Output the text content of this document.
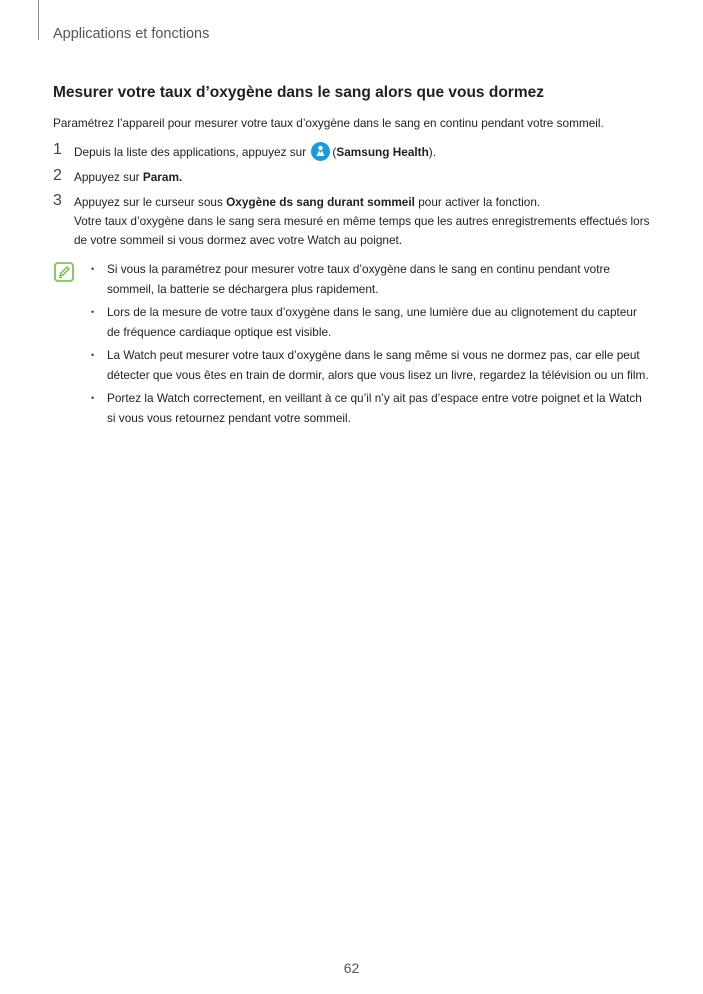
Applications et fonctions
Mesurer votre taux d’oxygène dans le sang alors que vous dormez
Paramétrez l’appareil pour mesurer votre taux d’oxygène dans le sang en continu pendant votre sommeil.
1 Depuis la liste des applications, appuyez sur (Samsung Health).
2 Appuyez sur Param.
3 Appuyez sur le curseur sous Oxygène ds sang durant sommeil pour activer la fonction.
Votre taux d’oxygène dans le sang sera mesuré en même temps que les autres enregistrements effectués lors de votre sommeil si vous dormez avec votre Watch au poignet.
• Si vous la paramétrez pour mesurer votre taux d’oxygène dans le sang en continu pendant votre sommeil, la batterie se déchargera plus rapidement.
• Lors de la mesure de votre taux d’oxygène dans le sang, une lumière due au clignotement du capteur de fréquence cardiaque optique est visible.
• La Watch peut mesurer votre taux d’oxygène dans le sang même si vous ne dormez pas, car elle peut détecter que vous êtes en train de dormir, alors que vous lisez un livre, regardez la télévision ou un film.
• Portez la Watch correctement, en veillant à ce qu’il n’y ait pas d’espace entre votre poignet et la Watch si vous vous retournez pendant votre sommeil.
62
